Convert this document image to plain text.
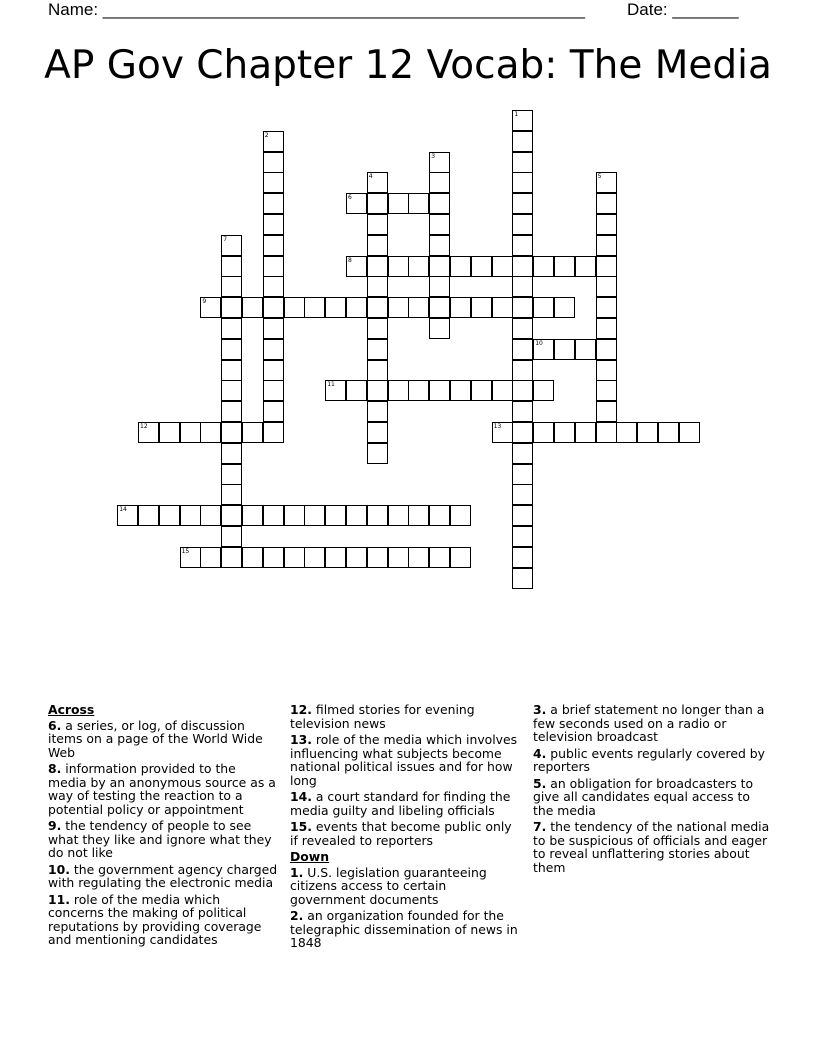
Name: ___________________________________________________ Date: _______
AP Gov Chapter 12 Vocab: The Media
6
8
9
10
11
12	13
14
15
1
2
3
4	5
7
Across
6. a series, or log, of discussion items on a page of the World Wide Web
8. information provided to the media by an anonymous source as a way of testing the reaction to a potential policy or appointment
9. the tendency of people to see what they like and ignore what they do not like
10. the government agency charged with regulating the electronic media
11. role of the media which concerns the making of political reputations by providing coverage and mentioning candidates
12. filmed stories for evening television news
13. role of the media which involves influencing what subjects become national political issues and for how long
14. a court standard for finding the media guilty and libeling officials
15. events that become public only if revealed to reporters
Down
1. U.S. legislation guaranteeing citizens access to certain government documents
2. an organization founded for the telegraphic dissemination of news in 1848
3. a brief statement no longer than a few seconds used on a radio or television broadcast
4. public events regularly covered by reporters
5. an obligation for broadcasters to give all candidates equal access to the media
7. the tendency of the national media to be suspicious of officials and eager to reveal unflattering stories about them
